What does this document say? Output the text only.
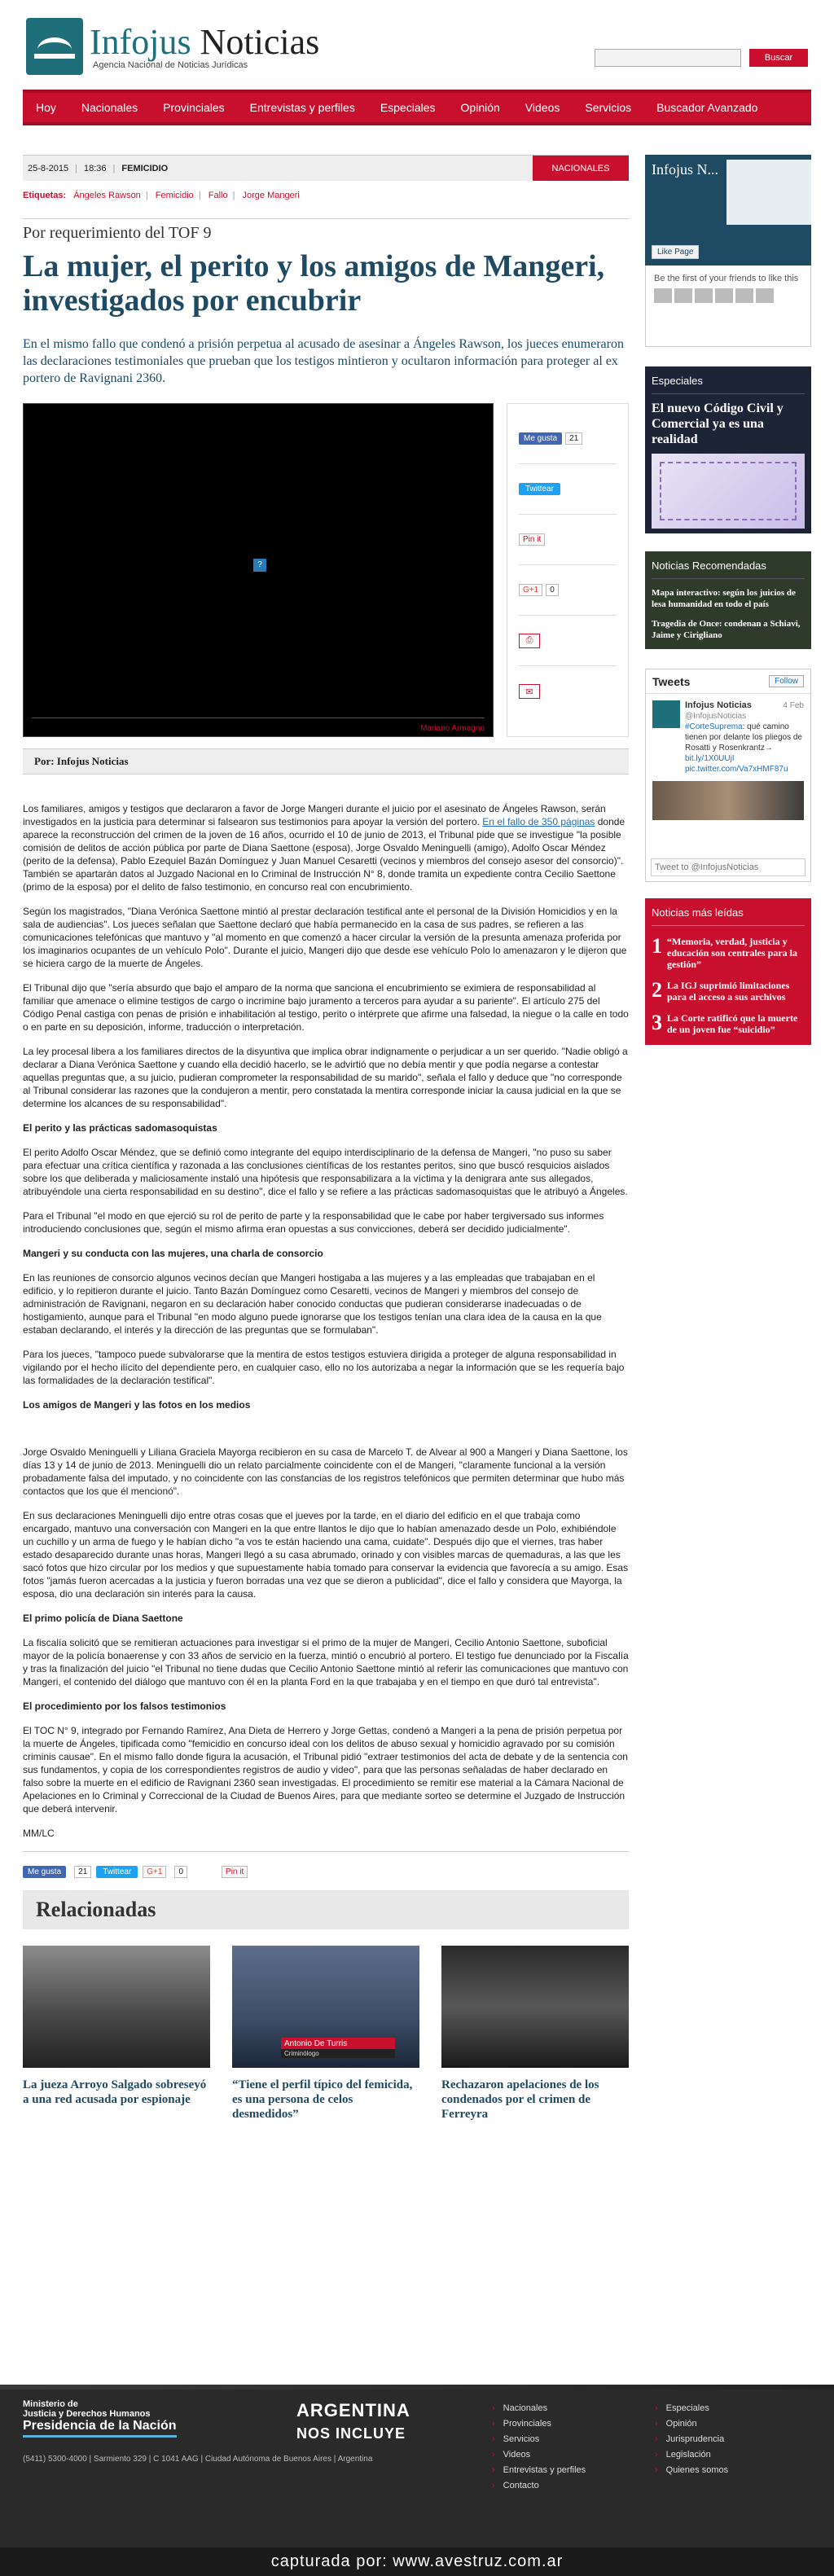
Infojus Noticias
Agencia Nacional de Noticias Jurídicas
Buscar
Hoy Nacionales Provinciales Entrevistas y perfiles Especiales Opinión Videos Servicios Buscador Avanzado
25-8-2015 | 18:36 | FEMICIDIO	NACIONALES
Etiquetas: Ángeles Rawson | Femicidio | Fallo | Jorge Mangeri
Por requerimiento del TOF 9
La mujer, el perito y los amigos de Mangeri, investigados por encubrir
En el mismo fallo que condenó a prisión perpetua al acusado de asesinar a Ángeles Rawson, los jueces enumeraron las declaraciones testimoniales que prueban que los testigos mintieron y ocultaron información para proteger al ex portero de Ravignani 2360.
?
Mariano Armagno
Me gusta	21
Twittear
Pin it
G+1	0
⎙
✉
Por: Infojus Noticias

Los familiares, amigos y testigos que declararon a favor de Jorge Mangeri durante el juicio por el asesinato de Ángeles Rawson, serán investigados en la justicia para determinar si falsearon sus testimonios para apoyar la versión del portero. En el fallo de 350 páginas donde aparece la reconstrucción del crimen de la joven de 16 años, ocurrido el 10 de junio de 2013, el Tribunal pide que se investigue "la posible comisión de delitos de acción pública por parte de Diana Saettone (esposa), Jorge Osvaldo Meninguelli (amigo), Adolfo Oscar Méndez (perito de la defensa), Pablo Ezequiel Bazán Domínguez y Juan Manuel Cesaretti (vecinos y miembros del consejo asesor del consorcio)". También se apartarán datos al Juzgado Nacional en lo Criminal de Instrucción N° 8, donde tramita un expediente contra Cecilio Saettone (primo de la esposa) por el delito de falso testimonio, en concurso real con encubrimiento.

Según los magistrados, "Diana Verónica Saettone mintió al prestar declaración testifical ante el personal de la División Homicidios y en la sala de audiencias". Los jueces señalan que Saettone declaró que había permanecido en la casa de sus padres, se refieren a las comunicaciones telefónicas que mantuvo y "al momento en que comenzó a hacer circular la versión de la presunta amenaza proferida por los imaginarios ocupantes de un vehículo Polo". Durante el juicio, Mangeri dijo que desde ese vehículo Polo lo amenazaron y le dijeron que se hiciera cargo de la muerte de Ángeles.

El Tribunal dijo que "sería absurdo que bajo el amparo de la norma que sanciona el encubrimiento se eximiera de responsabilidad al familiar que amenace o elimine testigos de cargo o incrimine bajo juramento a terceros para ayudar a su pariente". El artículo 275 del Código Penal castiga con penas de prisión e inhabilitación al testigo, perito o intérprete que afirme una falsedad, la niegue o la calle en todo o en parte en su deposición, informe, traducción o interpretación.

La ley procesal libera a los familiares directos de la disyuntiva que implica obrar indignamente o perjudicar a un ser querido. "Nadie obligó a declarar a Diana Verónica Saettone y cuando ella decidió hacerlo, se le advirtió que no debía mentir y que podía negarse a contestar aquellas preguntas que, a su juicio, pudieran comprometer la responsabilidad de su marido", señala el fallo y deduce que "no corresponde al Tribunal considerar las razones que la condujeron a mentir, pero constatada la mentira corresponde iniciar la causa judicial en la que se determine los alcances de su responsabilidad".

El perito y las prácticas sadomasoquistas

El perito Adolfo Oscar Méndez, que se definió como integrante del equipo interdisciplinario de la defensa de Mangeri, "no puso su saber para efectuar una crítica científica y razonada a las conclusiones científicas de los restantes peritos, sino que buscó resquicios aislados sobre los que deliberada y maliciosamente instaló una hipótesis que responsabilizara a la víctima y la denigrara ante sus allegados, atribuyéndole una cierta responsabilidad en su destino", dice el fallo y se refiere a las prácticas sadomasoquistas que le atribuyó a Ángeles.

Para el Tribunal "el modo en que ejerció su rol de perito de parte y la responsabilidad que le cabe por haber tergiversado sus informes introduciendo conclusiones que, según el mismo afirma eran opuestas a sus convicciones, deberá ser decidido judicialmente".

Mangeri y su conducta con las mujeres, una charla de consorcio

En las reuniones de consorcio algunos vecinos decían que Mangeri hostigaba a las mujeres y a las empleadas que trabajaban en el edificio, y lo repitieron durante el juicio. Tanto Bazán Domínguez como Cesaretti, vecinos de Mangeri y miembros del consejo de administración de Ravignani, negaron en su declaración haber conocido conductas que pudieran considerarse inadecuadas o de hostigamiento, aunque para el Tribunal "en modo alguno puede ignorarse que los testigos tenían una clara idea de la causa en la que estaban declarando, el interés y la dirección de las preguntas que se formulaban".

Para los jueces, "tampoco puede subvalorarse que la mentira de estos testigos estuviera dirigida a proteger de alguna responsabilidad in vigilando por el hecho ilícito del dependiente pero, en cualquier caso, ello no los autorizaba a negar la información que se les requería bajo las formalidades de la declaración testifical".

Los amigos de Mangeri y las fotos en los medios

Jorge Osvaldo Meninguelli y Liliana Graciela Mayorga recibieron en su casa de Marcelo T. de Alvear al 900 a Mangeri y Diana Saettone, los días 13 y 14 de junio de 2013. Meninguelli dio un relato parcialmente coincidente con el de Mangeri, "claramente funcional a la versión probadamente falsa del imputado, y no coincidente con las constancias de los registros telefónicos que permiten determinar que hubo más contactos que los que él mencionó".

En sus declaraciones Meninguelli dijo entre otras cosas que el jueves por la tarde, en el diario del edificio en el que trabaja como encargado, mantuvo una conversación con Mangeri en la que entre llantos le dijo que lo habían amenazado desde un Polo, exhibiéndole un cuchillo y un arma de fuego y le habían dicho "a vos te están haciendo una cama, cuidate". Después dijo que el viernes, tras haber estado desaparecido durante unas horas, Mangeri llegó a su casa abrumado, orinado y con visibles marcas de quemaduras, a las que les sacó fotos que hizo circular por los medios y que supuestamente había tomado para conservar la evidencia que favorecía a su amigo. Esas fotos "jamás fueron acercadas a la justicia y fueron borradas una vez que se dieron a publicidad", dice el fallo y considera que Mayorga, la esposa, dio una declaración sin interés para la causa.

El primo policía de Diana Saettone

La fiscalía solicitó que se remitieran actuaciones para investigar si el primo de la mujer de Mangeri, Cecilio Antonio Saettone, suboficial mayor de la policía bonaerense y con 33 años de servicio en la fuerza, mintió o encubrió al portero. El testigo fue denunciado por la Fiscalía y tras la finalización del juicio "el Tribunal no tiene dudas que Cecilio Antonio Saettone mintió al referir las comunicaciones que mantuvo con Mangeri, el contenido del diálogo que mantuvo con él en la planta Ford en la que trabajaba y en el tiempo en que duró tal entrevista".

El procedimiento por los falsos testimonios

El TOC N° 9, integrado por Fernando Ramírez, Ana Dieta de Herrero y Jorge Gettas, condenó a Mangeri a la pena de prisión perpetua por la muerte de Ángeles, tipificada como "femicidio en concurso ideal con los delitos de abuso sexual y homicidio agravado por su comisión criminis causae". En el mismo fallo donde figura la acusación, el Tribunal pidió "extraer testimonios del acta de debate y de la sentencia con sus fundamentos, y copia de los correspondientes registros de audio y video", para que las personas señaladas de haber declarado en falso sobre la muerte en el edificio de Ravignani 2360 sean investigadas. El procedimiento se remitir ese material a la Cámara Nacional de Apelaciones en lo Criminal y Correccional de la Ciudad de Buenos Aires, para que mediante sorteo se determine el Juzgado de Instrucción que deberá intervenir.

MM/LC

Me gusta	21	Twittear	G+1	0	Pin it
Relacionadas
La jueza Arroyo Salgado sobreseyó a una red acusada por espionaje
Antonio De Turris
Criminólogo
“Tiene el perfil típico del femicida, es una persona de celos desmedidos”
Rechazaron apelaciones de los condenados por el crimen de Ferreyra
Infojus N...
Like Page
Be the first of your friends to like this
Especiales
El nuevo Código Civil y Comercial ya es una realidad
Noticias Recomendadas
Mapa interactivo: según los juicios de lesa humanidad en todo el país
Tragedia de Once: condenan a Schiavi, Jaime y Cirigliano
Tweets	Follow
Infojus Noticias	4 Feb

@InfojusNoticias
#CorteSuprema: qué camino tienen por delante los pliegos de Rosatti y Rosenkrantz→ bit.ly/1X0UUjI pic.twitter.com/Va7xHMF87u
Tweet to @InfojusNoticias
Noticias más leídas
1 “Memoria, verdad, justicia y educación son centrales para la gestión”
2 La IGJ suprimió limitaciones para el acceso a sus archivos
3 La Corte ratificó que la muerte de un joven fue “suicidio”
Ministerio de
Justicia y Derechos Humanos
Presidencia de la Nación
(5411) 5300-4000 | Sarmiento 329 | C 1041 AAG | Ciudad Autónoma de Buenos Aires | Argentina
ARGENTINA
NOS INCLUYE
› Nacionales
› Provinciales
› Servicios
› Videos
› Entrevistas y perfiles
› Contacto
› Especiales
› Opinión
› Jurisprudencia
› Legislación
› Quienes somos
capturada por: www.avestruz.com.ar
